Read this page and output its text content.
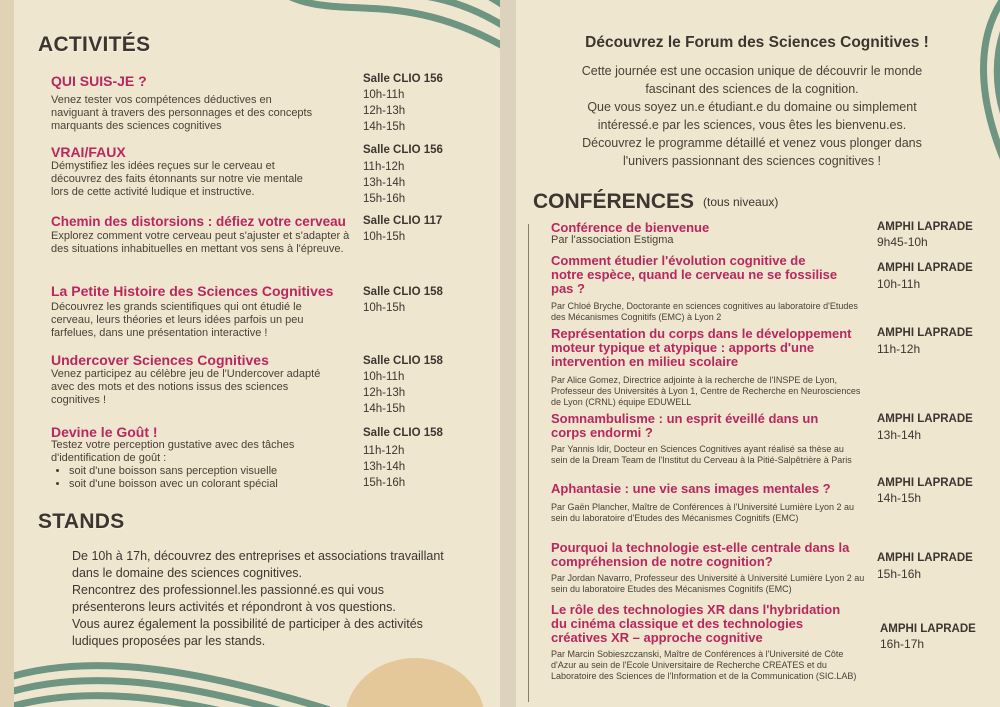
ACTIVITÉS
QUI SUIS-JE ?
Venez tester vos compétences déductives en naviguant à travers des personnages et des concepts marquants des sciences cognitives
Salle CLIO 156
10h-11h
12h-13h
14h-15h
VRAI/FAUX
Démystifiez les idées reçues sur le cerveau et découvrez des faits étonnants sur notre vie mentale lors de cette activité ludique et instructive.
Salle CLIO 156
11h-12h
13h-14h
15h-16h
Chemin des distorsions : défiez votre cerveau
Explorez comment votre cerveau peut s'ajuster et s'adapter à des situations inhabituelles en mettant vos sens à l'épreuve.
Salle CLIO 117
10h-15h
La Petite Histoire des Sciences Cognitives
Découvrez les grands scientifiques qui ont étudié le cerveau, leurs théories et leurs idées parfois un peu farfelues, dans une présentation interactive !
Salle CLIO 158
10h-15h
Undercover Sciences Cognitives
Venez participez au célèbre jeu de l'Undercover adapté avec des mots et des notions issus des sciences cognitives !
Salle CLIO 158
10h-11h
12h-13h
14h-15h
Devine le Goût !
Testez votre perception gustative avec des tâches d'identification de goût :
• soit d'une boisson sans perception visuelle
• soit d'une boisson avec un colorant spécial
Salle CLIO 158
11h-12h
13h-14h
15h-16h
STANDS
De 10h à 17h, découvrez des entreprises et associations travaillant
dans le domaine des sciences cognitives.
Rencontrez des professionnel.les passionné.es qui vous
présenterons leurs activités et répondront à vos questions.
Vous aurez également la possibilité de participer à des activités
ludiques proposées par les stands.
Découvrez le Forum des Sciences Cognitives !
Cette journée est une occasion unique de découvrir le monde
fascinant des sciences de la cognition.
Que vous soyez un.e étudiant.e du domaine ou simplement
intéressé.e par les sciences, vous êtes les bienvenu.es.
Découvrez le programme détaillé et venez vous plonger dans
l'univers passionnant des sciences cognitives !
CONFÉRENCES (tous niveaux)
Conférence de bienvenue
Par l'association Estigma
AMPHI LAPRADE
9h45-10h
Comment étudier l'évolution cognitive de notre espèce, quand le cerveau ne se fossilise pas ?
Par Chloé Bryche, Doctorante en sciences cognitives au laboratoire d'Etudes des Mécanismes Cognitifs (EMC) à Lyon 2
AMPHI LAPRADE
10h-11h
Représentation du corps dans le développement moteur typique et atypique : apports d'une intervention en milieu scolaire
Par Alice Gomez, Directrice adjointe à la recherche de l'INSPE de Lyon, Professeur des Universités à Lyon 1, Centre de Recherche en Neurosciences de Lyon (CRNL) équipe EDUWELL
AMPHI LAPRADE
11h-12h
Somnambulisme : un esprit éveillé dans un corps endormi ?
Par Yannis Idir, Docteur en Sciences Cognitives ayant réalisé sa thèse au sein de la Dream Team de l'Institut du Cerveau à la Pitié-Salpêtrière à Paris
AMPHI LAPRADE
13h-14h
Aphantasie : une vie sans images mentales ?
Par Gaën Plancher, Maître de Conférences à l'Université Lumière Lyon 2 au sein du laboratoire d'Etudes des Mécanismes Cognitifs (EMC)
AMPHI LAPRADE
14h-15h
Pourquoi la technologie est-elle centrale dans la compréhension de notre cognition?
Par Jordan Navarro, Professeur des Université à Université Lumière Lyon 2 au sein du laboratoire Etudes des Mécanismes Cognitifs (EMC)
AMPHI LAPRADE
15h-16h
Le rôle des technologies XR dans l'hybridation du cinéma classique et des technologies créatives XR – approche cognitive
Par Marcin Sobieszczanski, Maître de Conférences à l'Université de Côte d'Azur au sein de l'Ecole Universitaire de Recherche CREATES et du Laboratoire des Sciences de l'Information et de la Communication (SIC.LAB)
AMPHI LAPRADE
16h-17h
